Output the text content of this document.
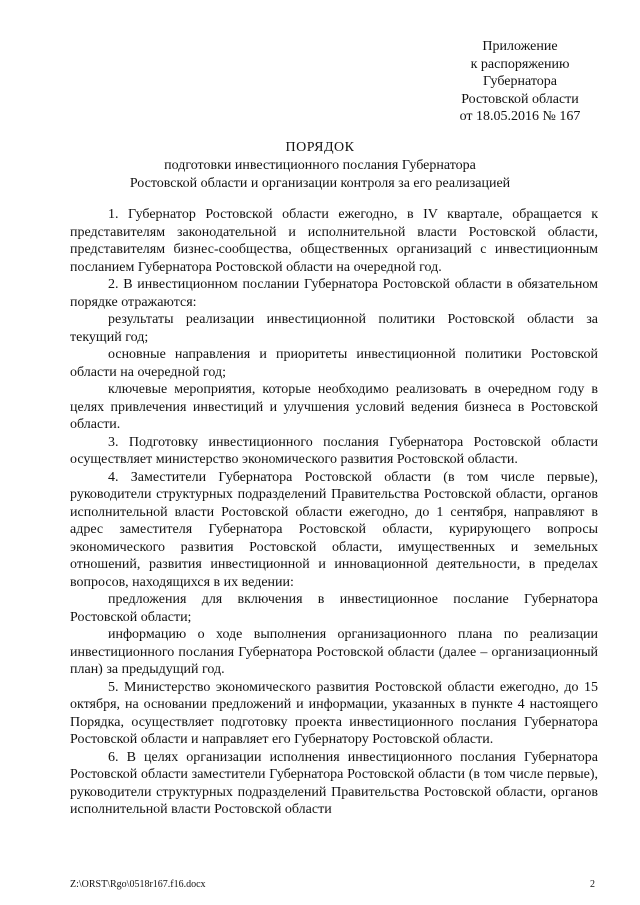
Приложение
к распоряжению
Губернатора
Ростовской области
от 18.05.2016 № 167
ПОРЯДОК
подготовки инвестиционного послания Губернатора
Ростовской области и организации контроля за его реализацией

1. Губернатор Ростовской области ежегодно, в IV квартале, обращается к представителям законодательной и исполнительной власти Ростовской области, представителям бизнес-сообщества, общественных организаций с инвестиционным посланием Губернатора Ростовской области на очередной год.

2. В инвестиционном послании Губернатора Ростовской области в обязательном порядке отражаются:

результаты реализации инвестиционной политики Ростовской области за текущий год;

основные направления и приоритеты инвестиционной политики Ростовской области на очередной год;

ключевые мероприятия, которые необходимо реализовать в очередном году в целях привлечения инвестиций и улучшения условий ведения бизнеса в Ростовской области.

3. Подготовку инвестиционного послания Губернатора Ростовской области осуществляет министерство экономического развития Ростовской области.

4. Заместители Губернатора Ростовской области (в том числе первые), руководители структурных подразделений Правительства Ростовской области, органов исполнительной власти Ростовской области ежегодно, до 1 сентября, направляют в адрес заместителя Губернатора Ростовской области, курирующего вопросы экономического развития Ростовской области, имущественных и земельных отношений, развития инвестиционной и инновационной деятельности, в пределах вопросов, находящихся в их ведении:

предложения для включения в инвестиционное послание Губернатора Ростовской области;

информацию о ходе выполнения организационного плана по реализации инвестиционного послания Губернатора Ростовской области (далее – организационный план) за предыдущий год.

5. Министерство экономического развития Ростовской области ежегодно, до 15 октября, на основании предложений и информации, указанных в пункте 4 настоящего Порядка, осуществляет подготовку проекта инвестиционного послания Губернатора Ростовской области и направляет его Губернатору Ростовской области.

6. В целях организации исполнения инвестиционного послания Губернатора Ростовской области заместители Губернатора Ростовской области (в том числе первые), руководители структурных подразделений Правительства Ростовской области, органов исполнительной власти Ростовской области

Z:\ORST\Rgo\0518r167.f16.docx	2
